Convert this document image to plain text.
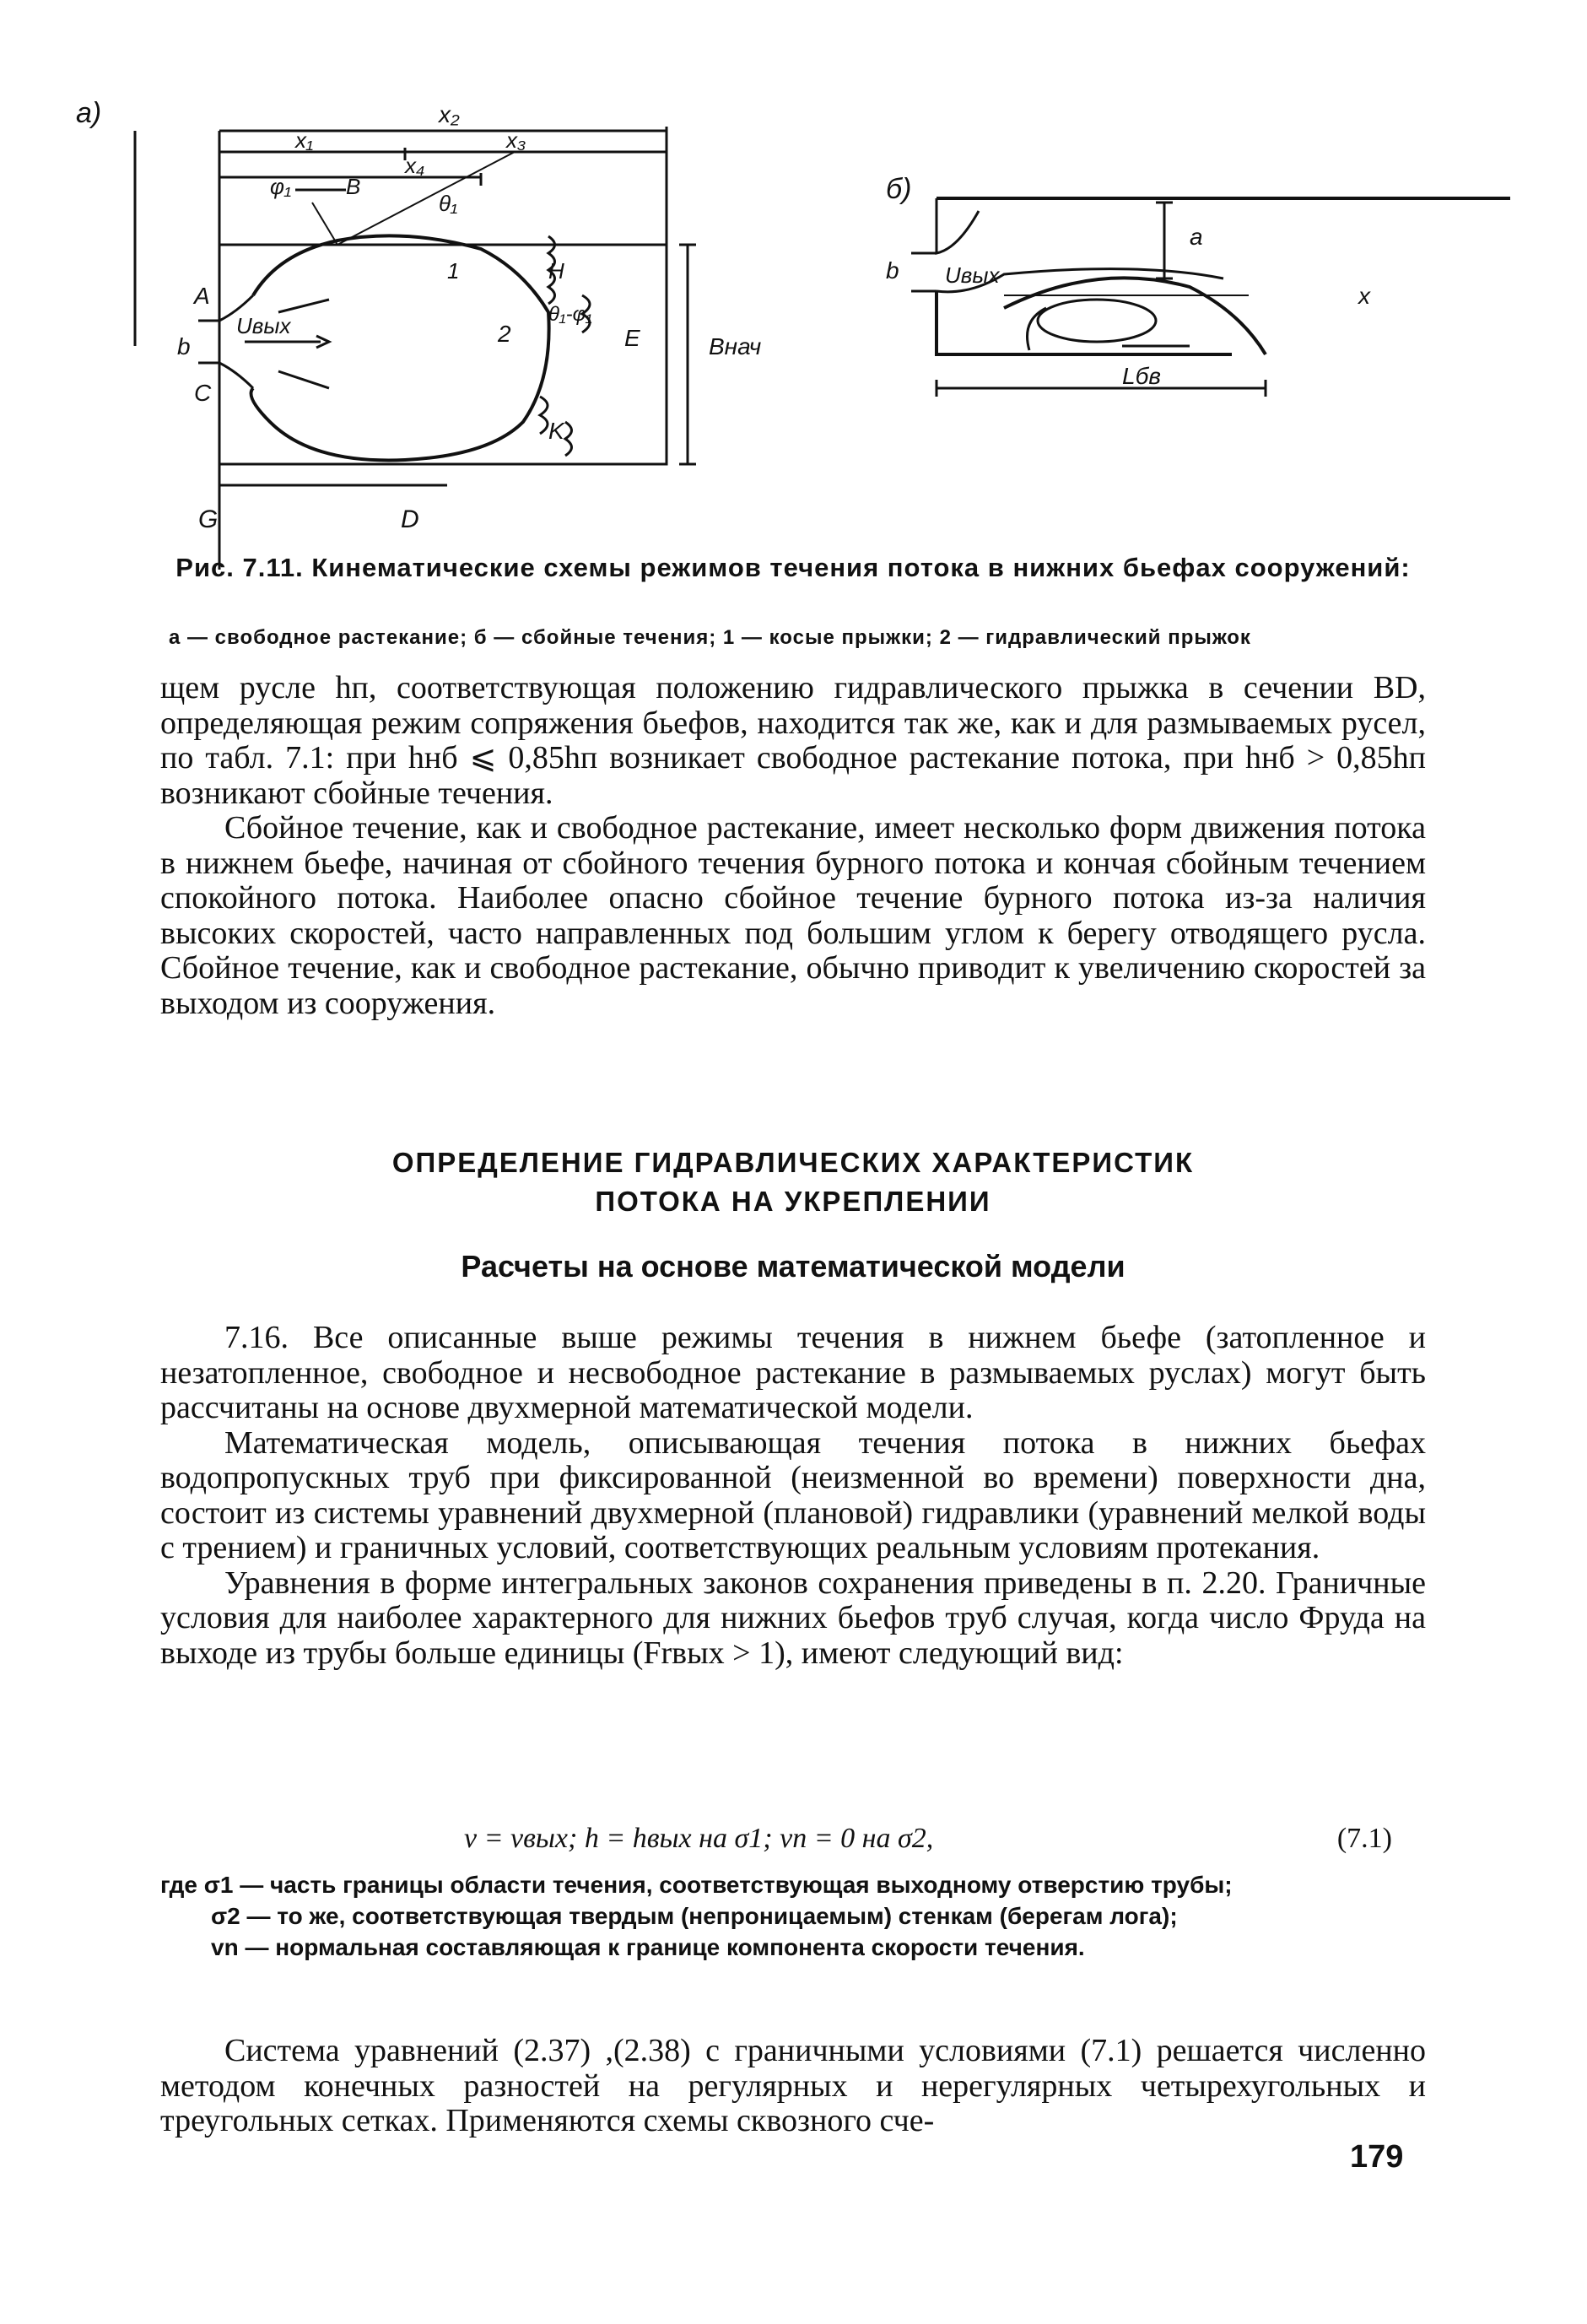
а)	x₂
x₁	x₃
x₄
φ₁ B
θ₁
1	H
θ₁-φ₁
A
Uвых	2	E	Bнач
b
C
K
G	D
б)
b Uвых
a
x
Lбв
Рис. 7.11. Кинематические схемы режимов течения потока в нижних бьефах сооружений:
а — свободное растекание; б — сбойные течения; 1 — косые прыжки; 2 — гидравлический прыжок

щем русле hп, соответствующая положению гидравлического прыжка в сечении BD, определяющая режим сопряжения бьефов, находится так же, как и для размываемых русел, по табл. 7.1: при hнб ⩽ 0,85hп возникает свободное растекание потока, при hнб > 0,85hп возникают сбойные течения.

Сбойное течение, как и свободное растекание, имеет несколько форм движения потока в нижнем бьефе, начиная от сбойного течения бурного потока и кончая сбойным течением спокойного потока. Наиболее опасно сбойное течение бурного потока из-за наличия высоких скоростей, часто направленных под большим углом к берегу отводящего русла. Сбойное течение, как и свободное растекание, обычно приводит к увеличению скоростей за выходом из сооружения.

ОПРЕДЕЛЕНИЕ ГИДРАВЛИЧЕСКИХ ХАРАКТЕРИСТИК
ПОТОКА НА УКРЕПЛЕНИИ
Расчеты на основе математической модели

7.16. Все описанные выше режимы течения в нижнем бьефе (затопленное и незатопленное, свободное и несвободное растекание в размываемых руслах) могут быть рассчитаны на основе двухмерной математической модели.

Математическая модель, описывающая течения потока в нижних бьефах водопропускных труб при фиксированной (неизменной во времени) поверхности дна, состоит из системы уравнений двухмерной (плановой) гидравлики (уравнений мелкой воды с трением) и граничных условий, соответствующих реальным условиям протекания.

Уравнения в форме интегральных законов сохранения приведены в п. 2.20. Граничные условия для наиболее характерного для нижних бьефов труб случая, когда число Фруда на выходе из трубы больше единицы (Frвых > 1), имеют следующий вид:

v = vвых; h = hвых на σ1; vn = 0 на σ2,	(7.1)
где σ1 — часть границы области течения, соответствующая выходному отверстию трубы;
σ2 — то же, соответствующая твердым (непроницаемым) стенкам (берегам лога);
vn — нормальная составляющая к границе компонента скорости течения.

Система уравнений (2.37) ,(2.38) с граничными условиями (7.1) решается численно методом конечных разностей на регулярных и нерегулярных четырехугольных и треугольных сетках. Применяются схемы сквозного сче-

179
